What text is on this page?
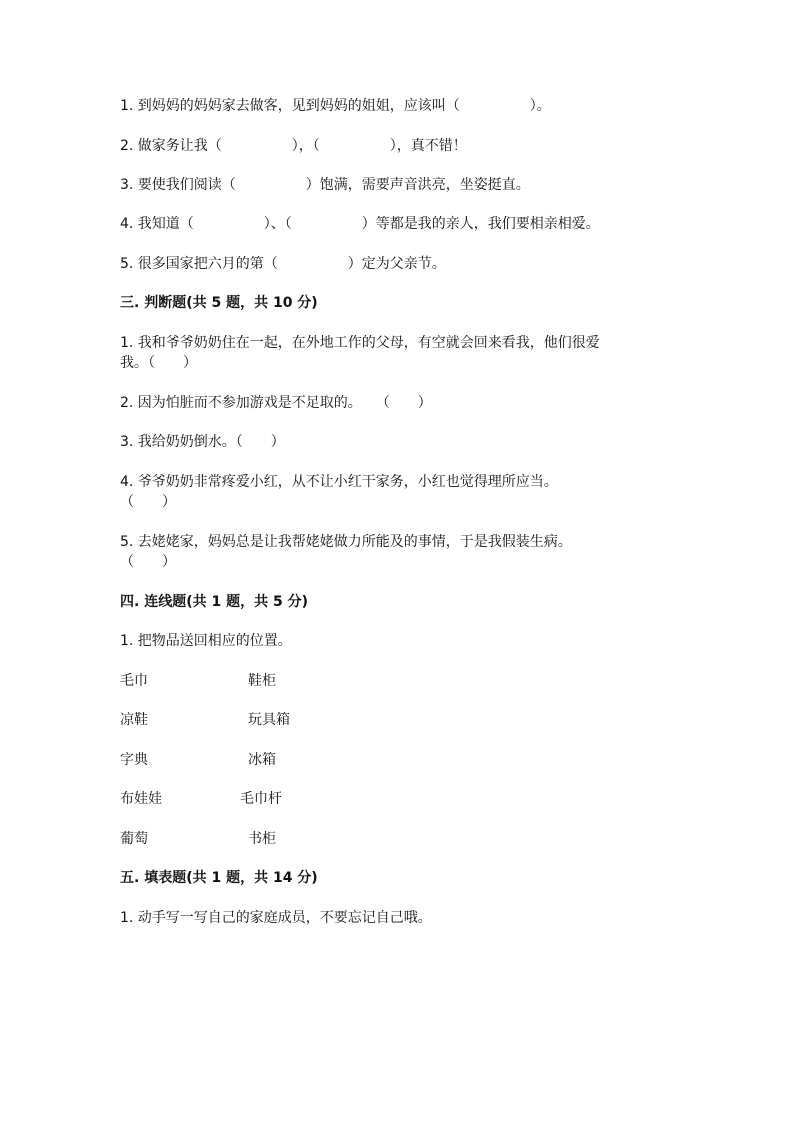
1. 到妈妈的妈妈家去做客，见到妈妈的姐姐，应该叫（　　　　　）。

2. 做家务让我（　　　　　），（　　　　　），真不错！

3. 要使我们阅读（　　　　　）饱满，需要声音洪亮，坐姿挺直。

4. 我知道（　　　　　）、（　　　　　）等都是我的亲人，我们要相亲相爱。

5. 很多国家把六月的第（　　　　　）定为父亲节。

三. 判断题(共 5 题，共 10 分)

1. 我和爷爷奶奶住在一起，在外地工作的父母，有空就会回来看我，他们很爱

我。（　　）

2. 因为怕脏而不参加游戏是不足取的。　　（　　）

3. 我给奶奶倒水。（　　）

4. 爷爷奶奶非常疼爱小红，从不让小红干家务，小红也觉得理所应当。

（　　）

5. 去姥姥家，妈妈总是让我帮姥姥做力所能及的事情，于是我假装生病。

（　　）

四. 连线题(共 1 题，共 5 分)

1. 把物品送回相应的位置。

毛巾	鞋柜
凉鞋	玩具箱
字典	冰箱
布娃娃	毛巾杆
葡萄	书柜

五. 填表题(共 1 题，共 14 分)

1. 动手写一写自己的家庭成员，不要忘记自己哦。
